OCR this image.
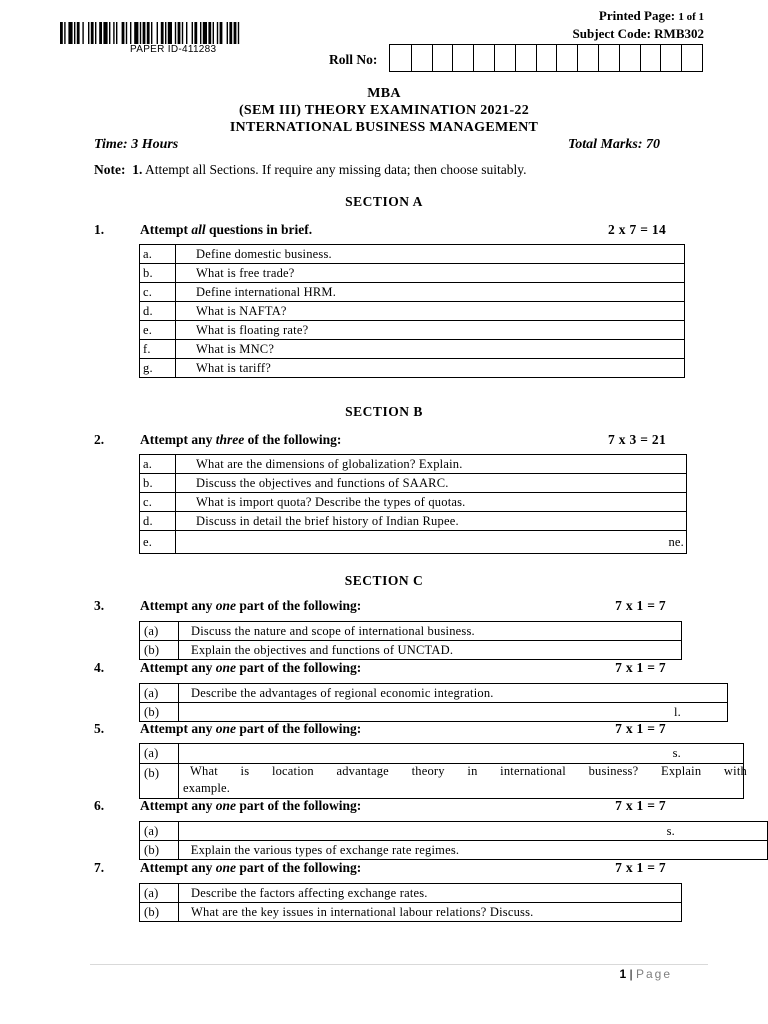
PAPER ID-411283
Printed Page: 1 of 1
Subject Code: RMB302
Roll No:
MBA
(SEM III) THEORY EXAMINATION 2021-22
INTERNATIONAL BUSINESS MANAGEMENT
Time: 3 Hours	Total Marks: 70
Note: 1. Attempt all Sections. If require any missing data; then choose suitably.
SECTION A
1.	Attempt all questions in brief.	2 x 7 = 14
a.	Define domestic business.
b.	What is free trade?
c.	Define international HRM.
d.	What is NAFTA?
e.	What is floating rate?
f.	What is MNC?
g.	What is tariff?
SECTION B
2.	Attempt any three of the following:	7 x 3 = 21
a.	What are the dimensions of globalization? Explain.
b.	Discuss the objectives and functions of SAARC.
c.	What is import quota? Describe the types of quotas.
d.	Discuss in detail the brief history of Indian Rupee.
e.	ne.
SECTION C
3.	Attempt any one part of the following:	7 x 1 = 7
(a)	Discuss the nature and scope of international business.
(b)	Explain the objectives and functions of UNCTAD.
4.	Attempt any one part of the following:	7 x 1 = 7
(a)	Describe the advantages of regional economic integration.
(b)	l.
5.	Attempt any one part of the following:	7 x 1 = 7
(a)	s.
(b)	What is location advantage theory in international business? Explain with
example.
6.	Attempt any one part of the following:	7 x 1 = 7
(a)	s.
(b)	Explain the various types of exchange rate regimes.
7.	Attempt any one part of the following:	7 x 1 = 7
(a)	Describe the factors affecting exchange rates.
(b)	What are the key issues in international labour relations? Discuss.
1 | Page
